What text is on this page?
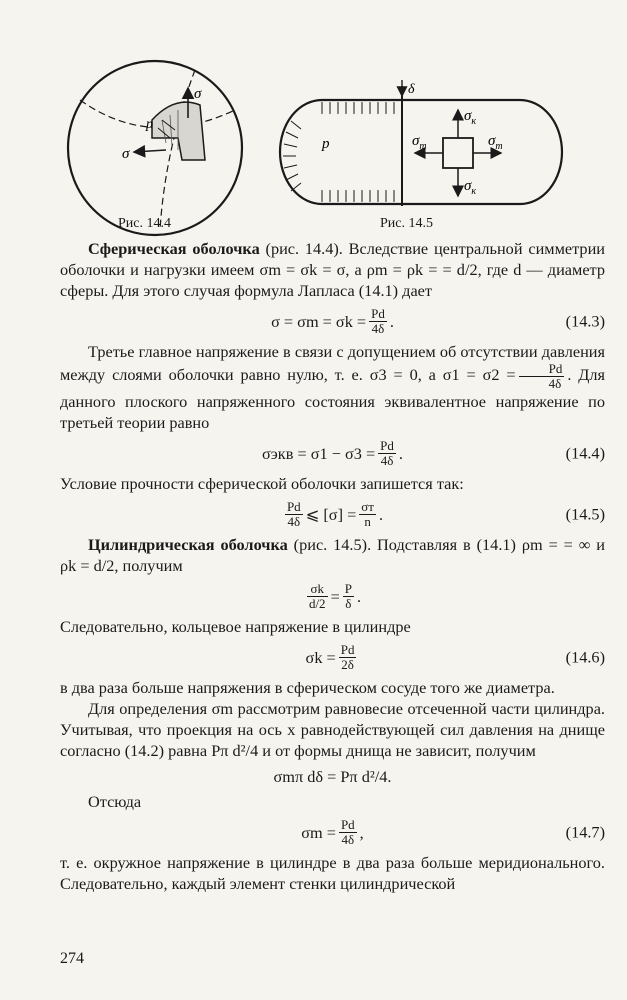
σ
p
σ
δ
p
$\sigma_к$
$\sigma_m$	$\sigma_m$
$\sigma_к$
Рис. 14.4	Рис. 14.5

Сферическая оболочка (рис. 14.4). Вследствие центральной симметрии оболочки и нагрузки имеем σm = σk = σ, а ρm = ρk = = d/2, где d — диаметр сферы. Для этого случая формула Лапласа (14.1) дает

$\sigma = \sigma m = \sigma k = \frac{Pd}{4\delta}$ .	(14.3)

Третье главное напряжение в связи с допущением об отсутствии давления между слоями оболочки равно нулю, т. е. σ3 = 0, а $\sigma 1 = \sigma 2 = \frac{Pd}{4\delta}$ . Для данного плоского напряженного состояния эквивалентное напряжение по третьей теории равно

$\sigma экв = \sigma 1 - \sigma 3 = \frac{Pd}{4\delta}$ .	(14.4)

Условие прочности сферической оболочки запишется так:

$\frac{Pd}{4\delta}$ ⩽ $[\sigma] = \frac{\sigma т}{n}$ .	(14.5)

Цилиндрическая оболочка (рис. 14.5). Подставляя в (14.1) ρm = = ∞ и ρk = d/2, получим

$\frac{\sigma k}{d/2} = \frac{P}{\delta}$ .

Следовательно, кольцевое напряжение в цилиндре

$\sigma k = \frac{Pd}{2\delta}$	(14.6)

в два раза больше напряжения в сферическом сосуде того же диаметра.

Для определения σm рассмотрим равновесие отсеченной части цилиндра. Учитывая, что проекция на ось x равнодействующей сил давления на днище согласно (14.2) равна Pπ d²/4 и от формы днища не зависит, получим

σmπ dδ = Pπ d²/4.

Отсюда

$\sigma m = \frac{Pd}{4\delta}$ ,	(14.7)

т. е. окружное напряжение в цилиндре в два раза больше меридионального. Следовательно, каждый элемент стенки цилиндрической

274
